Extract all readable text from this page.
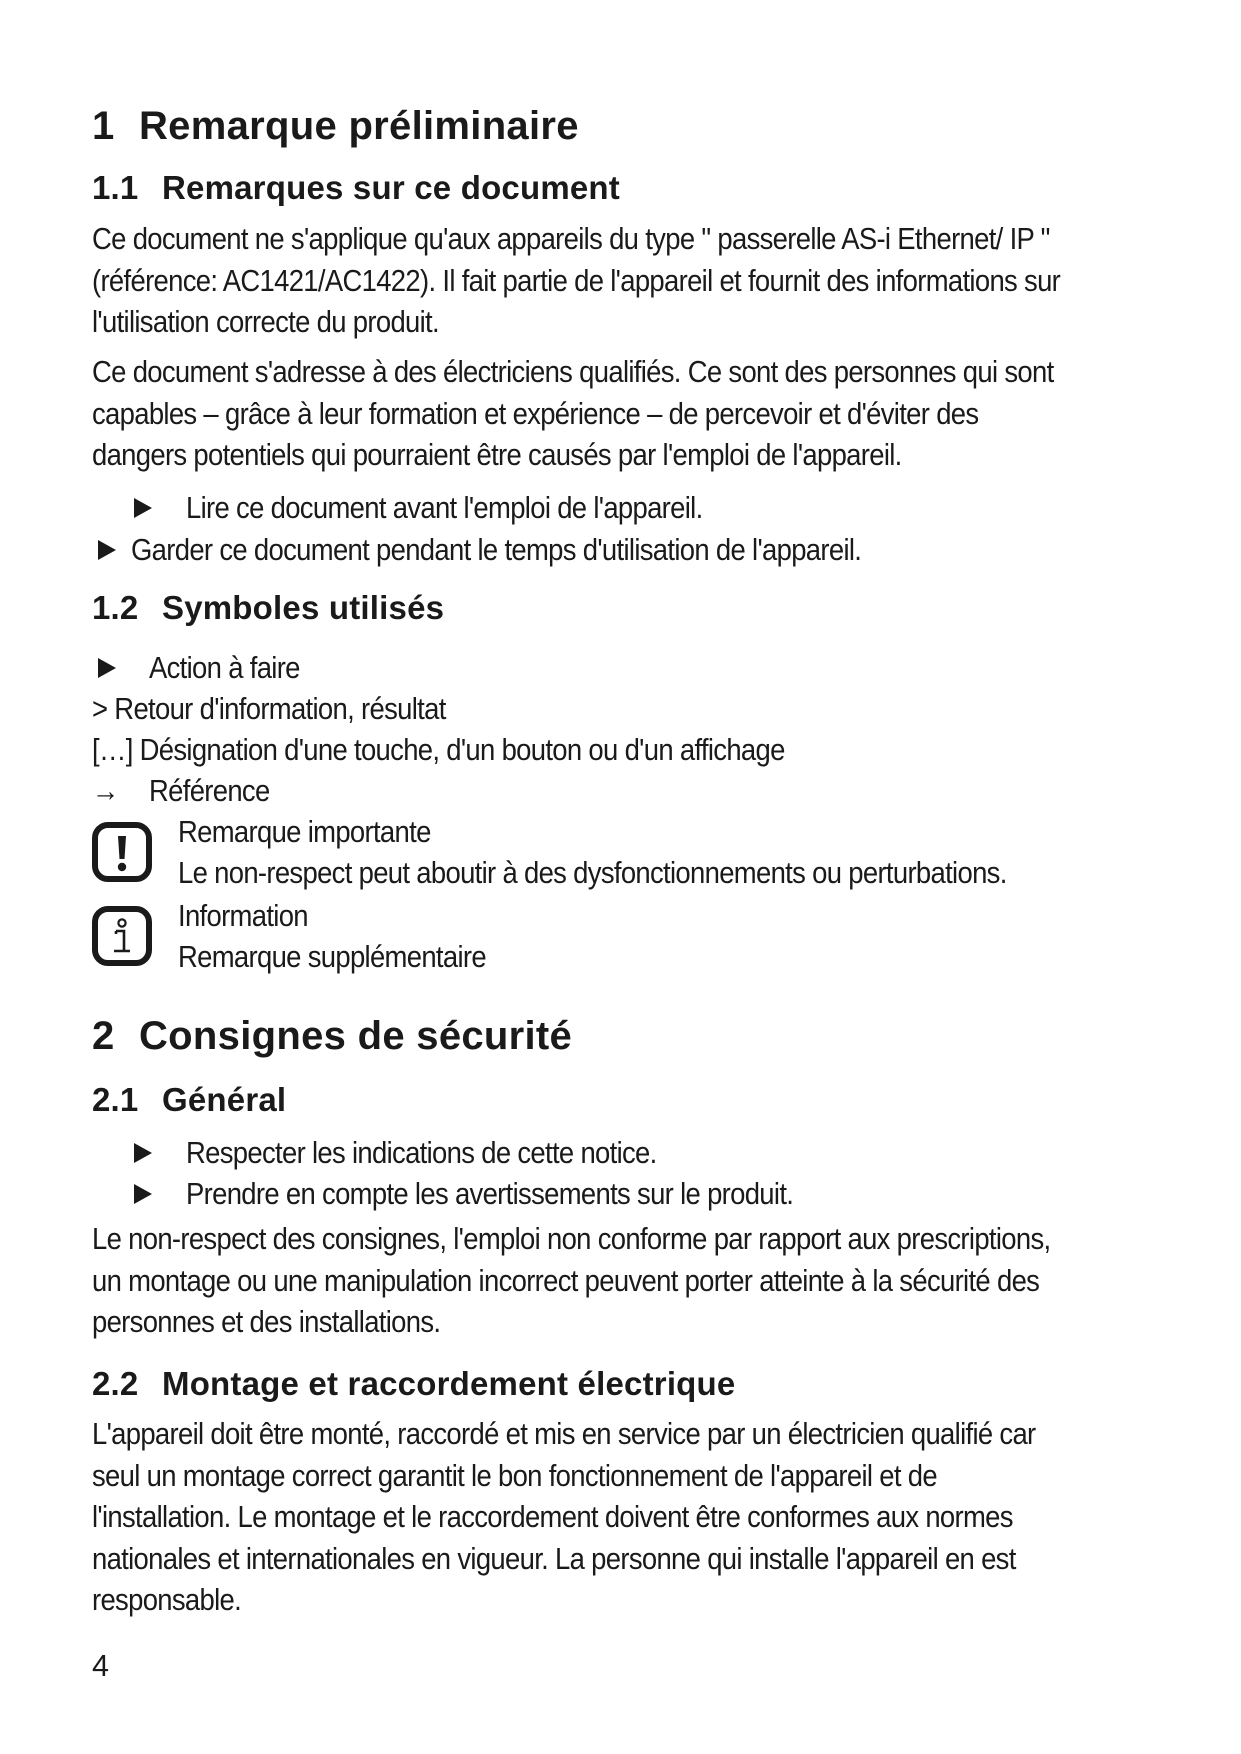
1 Remarque préliminaire
1.1 Remarques sur ce document

Ce document ne s'applique qu'aux appareils du type " passerelle AS-i Ethernet/ IP " (référence: AC1421/AC1422). Il fait partie de l'appareil et fournit des informations sur l'utilisation correcte du produit.

Ce document s'adresse à des électriciens qualifiés. Ce sont des personnes qui sont capables – grâce à leur formation et expérience – de percevoir et d'éviter des dangers potentiels qui pourraient être causés par l'emploi de l'appareil.

Lire ce document avant l'emploi de l'appareil.

Garder ce document pendant le temps d'utilisation de l'appareil.

1.2 Symboles utilisés

Action à faire

> Retour d'information, résultat

[…] Désignation d'une touche, d'un bouton ou d'un affichage

→ Référence

Remarque importante

Le non-respect peut aboutir à des dysfonctionnements ou perturbations.

Information

Remarque supplémentaire

2 Consignes de sécurité
2.1 Général

Respecter les indications de cette notice.

Prendre en compte les avertissements sur le produit.

Le non-respect des consignes, l'emploi non conforme par rapport aux prescriptions, un montage ou une manipulation incorrect peuvent porter atteinte à la sécurité des personnes et des installations.

2.2 Montage et raccordement électrique

L'appareil doit être monté, raccordé et mis en service par un électricien qualifié car seul un montage correct garantit le bon fonctionnement de l'appareil et de l'installation. Le montage et le raccordement doivent être conformes aux normes nationales et internationales en vigueur. La personne qui installe l'appareil en est responsable.

4
